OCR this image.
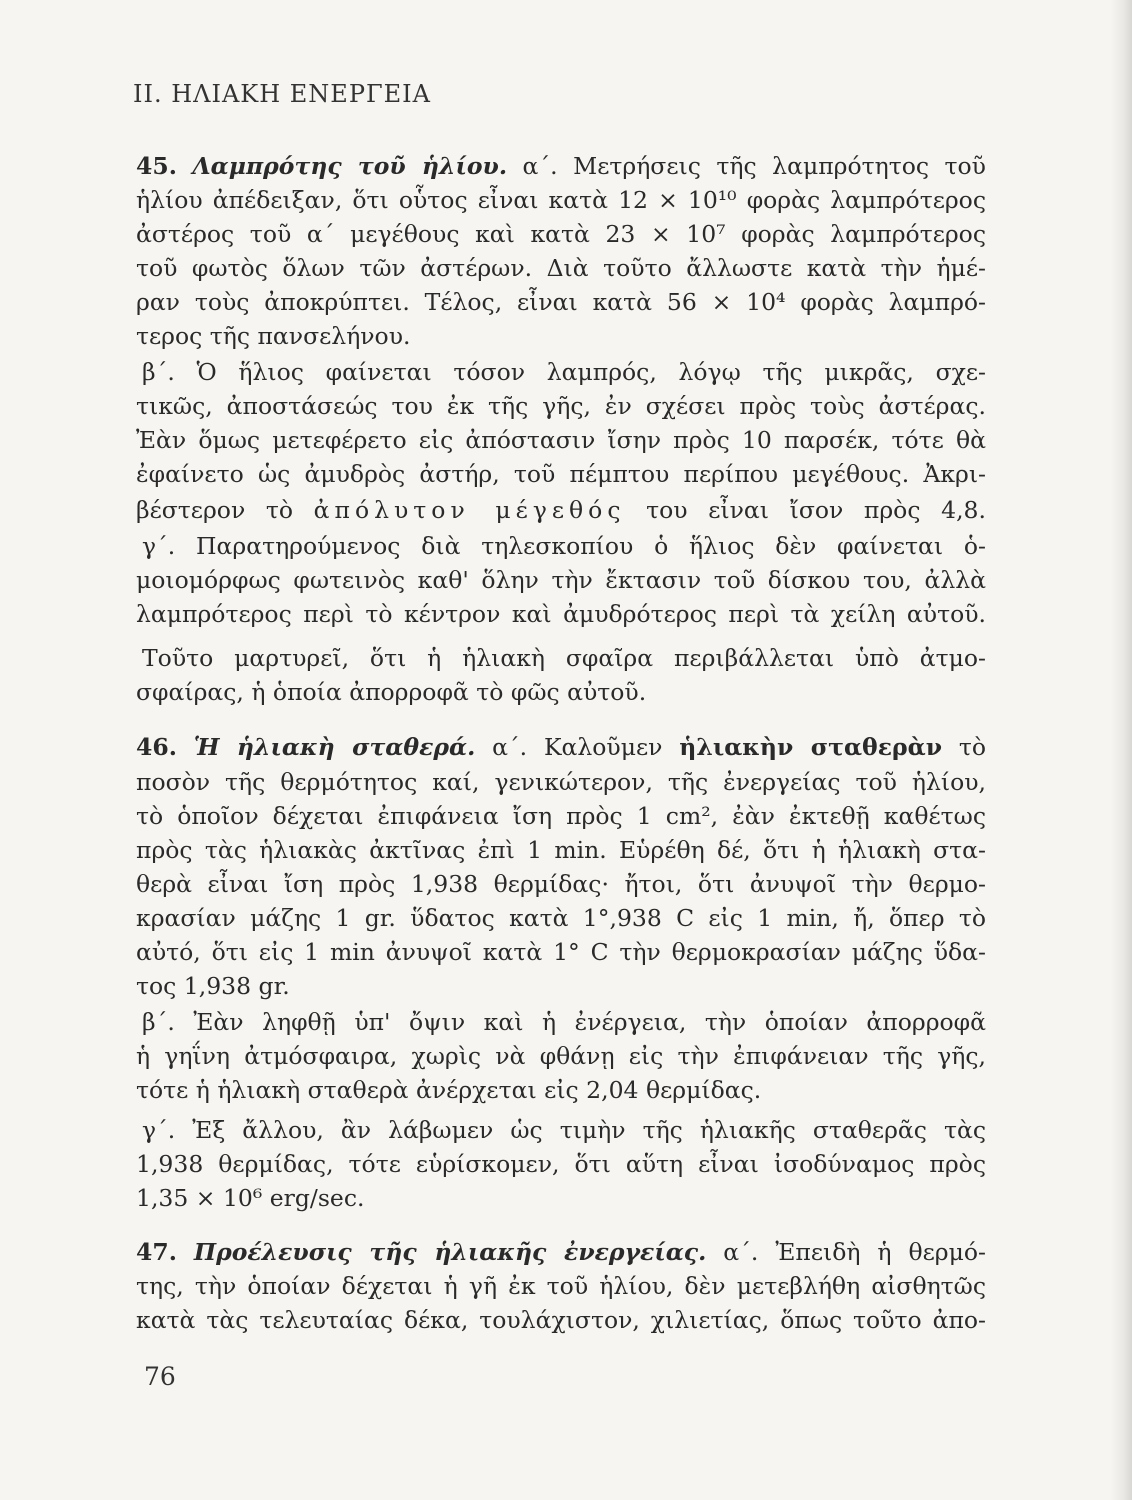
II. ΗΛΙΑΚΗ ΕΝΕΡΓΕΙΑ
45. Λαμπρότης τοῦ ἡλίου. α΄. Μετρήσεις τῆς λαμπρότητος τοῦ
ἡλίου ἀπέδειξαν, ὅτι οὗτος εἶναι κατὰ 12 × 10¹⁰ φορὰς λαμπρότερος
ἀστέρος τοῦ α΄ μεγέθους καὶ κατὰ 23 × 10⁷ φορὰς λαμπρότερος
τοῦ φωτὸς ὅλων τῶν ἀστέρων. Διὰ τοῦτο ἄλλωστε κατὰ τὴν ἡμέ-
ραν τοὺς ἀποκρύπτει. Τέλος, εἶναι κατὰ 56 × 10⁴ φορὰς λαμπρό-
τερος τῆς πανσελήνου.
β΄. Ὁ ἥλιος φαίνεται τόσον λαμπρός, λόγῳ τῆς μικρᾶς, σχε-
τικῶς, ἀποστάσεώς του ἐκ τῆς γῆς, ἐν σχέσει πρὸς τοὺς ἀστέρας.
Ἐὰν ὅμως μετεφέρετο εἰς ἀπόστασιν ἴσην πρὸς 10 παρσέκ, τότε θὰ
ἐφαίνετο ὡς ἀμυδρὸς ἀστήρ, τοῦ πέμπτου περίπου μεγέθους. Ἀκρι-
βέστερον τὸ ἀπόλυτον μέγεθός του εἶναι ἴσον πρὸς 4,8.
γ΄. Παρατηρούμενος διὰ τηλεσκοπίου ὁ ἥλιος δὲν φαίνεται ὁ-
μοιομόρφως φωτεινὸς καθ' ὅλην τὴν ἔκτασιν τοῦ δίσκου του, ἀλλὰ
λαμπρότερος περὶ τὸ κέντρον καὶ ἀμυδρότερος περὶ τὰ χείλη αὐτοῦ.
Τοῦτο μαρτυρεῖ, ὅτι ἡ ἡλιακὴ σφαῖρα περιβάλλεται ὑπὸ ἀτμο-
σφαίρας, ἡ ὁποία ἀπορροφᾶ τὸ φῶς αὐτοῦ.
46. Ἡ ἡλιακὴ σταθερά. α΄. Καλοῦμεν ἡλιακὴν σταθερὰν τὸ
ποσὸν τῆς θερμότητος καί, γενικώτερον, τῆς ἐνεργείας τοῦ ἡλίου,
τὸ ὁποῖον δέχεται ἐπιφάνεια ἴση πρὸς 1 cm², ἐὰν ἐκτεθῇ καθέτως
πρὸς τὰς ἡλιακὰς ἀκτῖνας ἐπὶ 1 min. Εὑρέθη δέ, ὅτι ἡ ἡλιακὴ στα-
θερὰ εἶναι ἴση πρὸς 1,938 θερμίδας· ἤτοι, ὅτι ἀνυψοῖ τὴν θερμο-
κρασίαν μάζης 1 gr. ὕδατος κατὰ 1°,938 C εἰς 1 min, ἤ, ὅπερ τὸ
αὐτό, ὅτι εἰς 1 min ἀνυψοῖ κατὰ 1° C τὴν θερμοκρασίαν μάζης ὕδα-
τος 1,938 gr.
β΄. Ἐὰν ληφθῇ ὑπ' ὄψιν καὶ ἡ ἐνέργεια, τὴν ὁποίαν ἀπορροφᾶ
ἡ γηΐνη ἀτμόσφαιρα, χωρὶς νὰ φθάνῃ εἰς τὴν ἐπιφάνειαν τῆς γῆς,
τότε ἡ ἡλιακὴ σταθερὰ ἀνέρχεται εἰς 2,04 θερμίδας.
γ΄. Ἐξ ἄλλου, ἂν λάβωμεν ὡς τιμὴν τῆς ἡλιακῆς σταθερᾶς τὰς
1,938 θερμίδας, τότε εὑρίσκομεν, ὅτι αὕτη εἶναι ἰσοδύναμος πρὸς
1,35 × 10⁶ erg/sec.
47. Προέλευσις τῆς ἡλιακῆς ἐνεργείας. α΄. Ἐπειδὴ ἡ θερμό-
της, τὴν ὁποίαν δέχεται ἡ γῆ ἐκ τοῦ ἡλίου, δὲν μετεβλήθη αἰσθητῶς
κατὰ τὰς τελευταίας δέκα, τουλάχιστον, χιλιετίας, ὅπως τοῦτο ἀπο-
76
